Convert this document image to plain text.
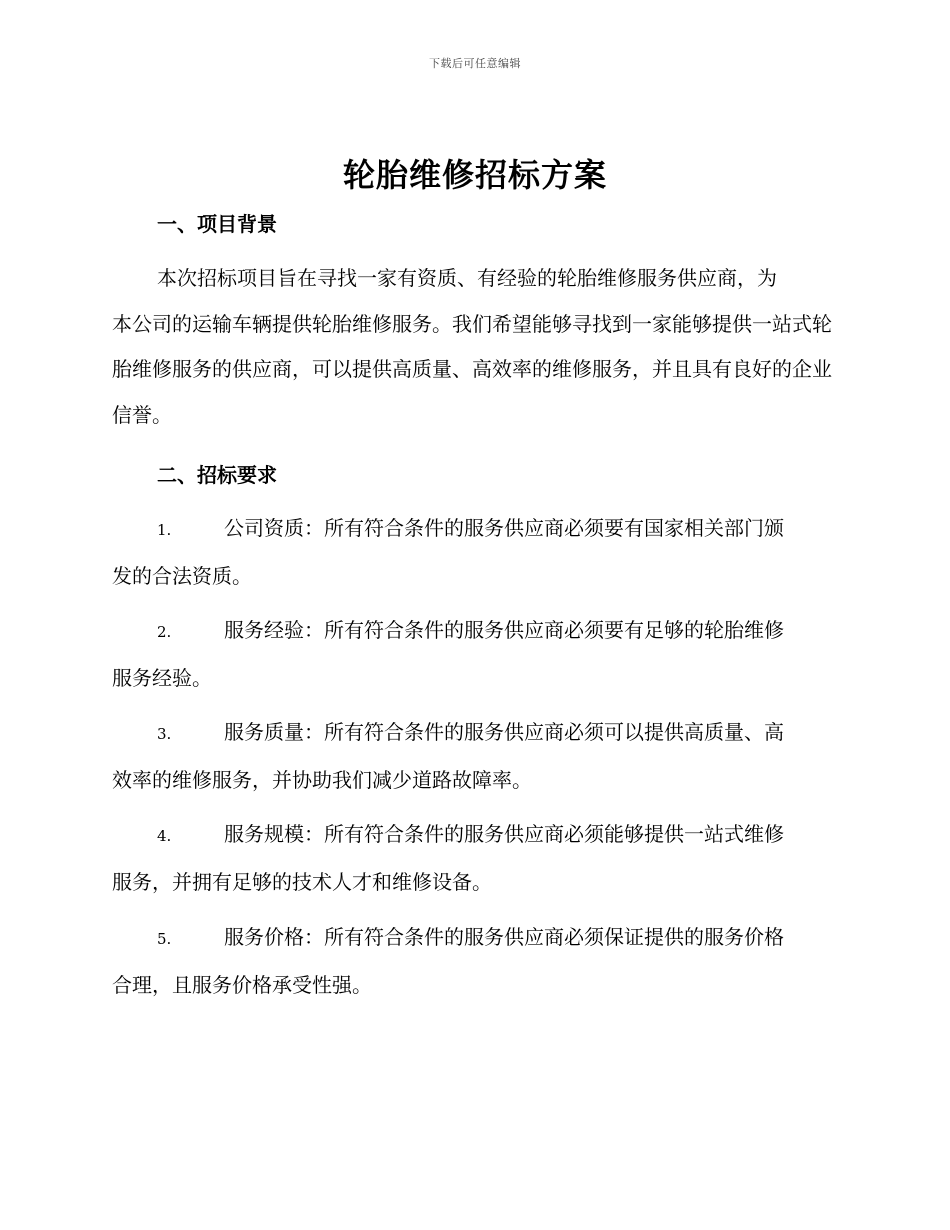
下载后可任意编辑
轮胎维修招标方案
一、项目背景
本次招标项目旨在寻找一家有资质、有经验的轮胎维修服务供应商，为
本公司的运输车辆提供轮胎维修服务。我们希望能够寻找到一家能够提供一站式轮胎维修服务的供应商，可以提供高质量、高效率的维修服务，并且具有良好的企业信誉。
二、招标要求
1.	公司资质：所有符合条件的服务供应商必须要有国家相关部门颁
发的合法资质。
2.	服务经验：所有符合条件的服务供应商必须要有足够的轮胎维修
服务经验。
3.	服务质量：所有符合条件的服务供应商必须可以提供高质量、高
效率的维修服务，并协助我们减少道路故障率。
4.	服务规模：所有符合条件的服务供应商必须能够提供一站式维修
服务，并拥有足够的技术人才和维修设备。
5.	服务价格：所有符合条件的服务供应商必须保证提供的服务价格
合理，且服务价格承受性强。
